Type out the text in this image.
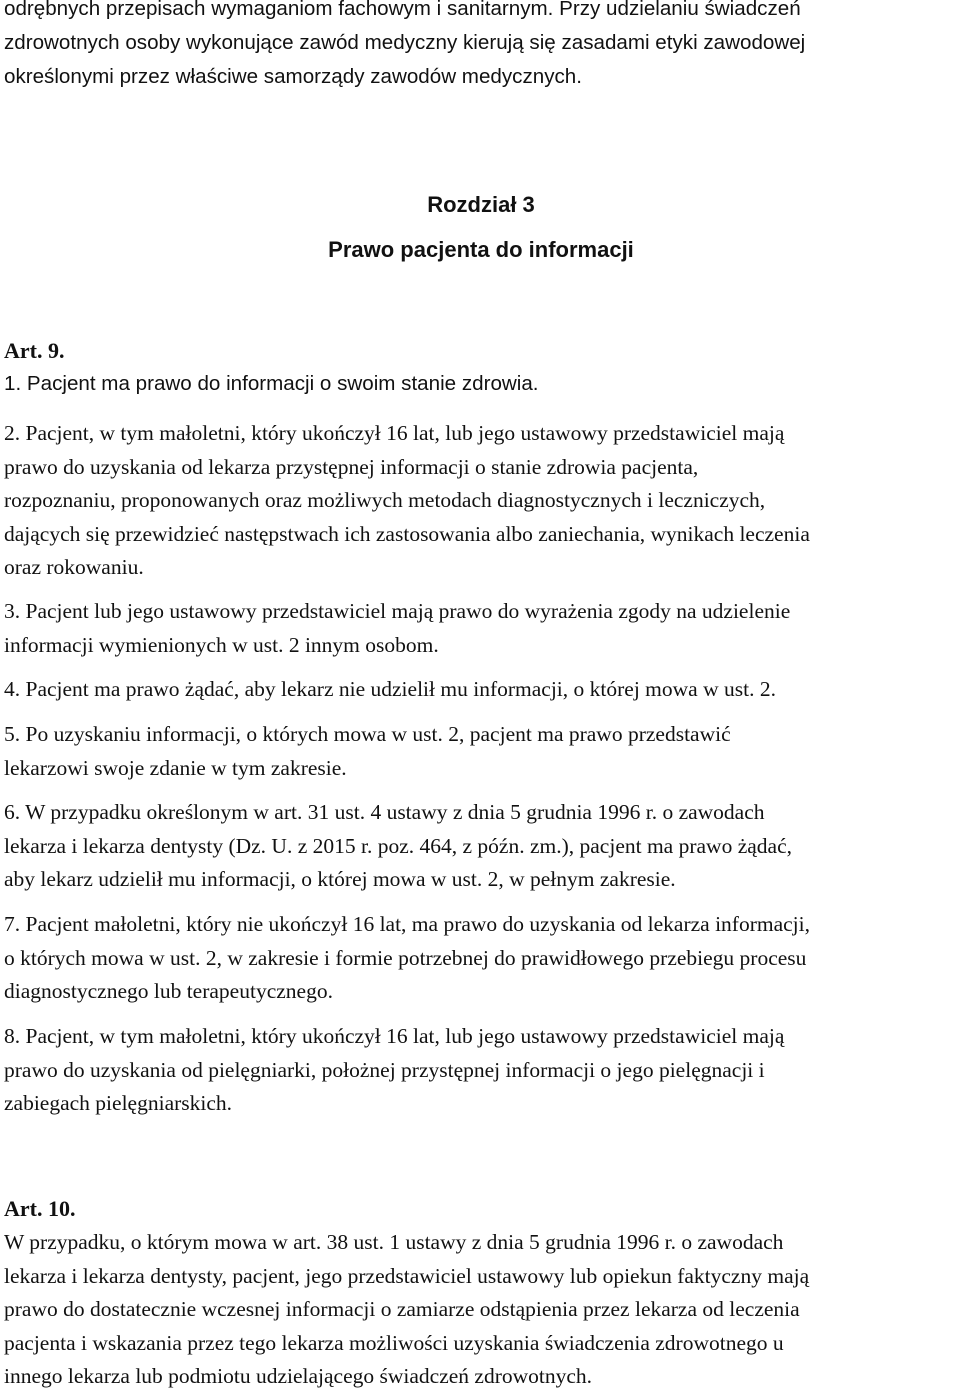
odrębnych przepisach wymaganiom fachowym i sanitarnym. Przy udzielaniu świadczeń
zdrowotnych osoby wykonujące zawód medyczny kierują się zasadami etyki zawodowej
określonymi przez właściwe samorządy zawodów medycznych.
Rozdział 3
Prawo pacjenta do informacji
Art. 9.

1. Pacjent ma prawo do informacji o swoim stanie zdrowia.

2. Pacjent, w tym małoletni, który ukończył 16 lat, lub jego ustawowy przedstawiciel mają
prawo do uzyskania od lekarza przystępnej informacji o stanie zdrowia pacjenta,
rozpoznaniu, proponowanych oraz możliwych metodach diagnostycznych i leczniczych,
dających się przewidzieć następstwach ich zastosowania albo zaniechania, wynikach leczenia
oraz rokowaniu.

3. Pacjent lub jego ustawowy przedstawiciel mają prawo do wyrażenia zgody na udzielenie
informacji wymienionych w ust. 2 innym osobom.

4. Pacjent ma prawo żądać, aby lekarz nie udzielił mu informacji, o której mowa w ust. 2.

5. Po uzyskaniu informacji, o których mowa w ust. 2, pacjent ma prawo przedstawić
lekarzowi swoje zdanie w tym zakresie.

6. W przypadku określonym w art. 31 ust. 4 ustawy z dnia 5 grudnia 1996 r. o zawodach
lekarza i lekarza dentysty (Dz. U. z 2015 r. poz. 464, z późn. zm.), pacjent ma prawo żądać,
aby lekarz udzielił mu informacji, o której mowa w ust. 2, w pełnym zakresie.

7. Pacjent małoletni, który nie ukończył 16 lat, ma prawo do uzyskania od lekarza informacji,
o których mowa w ust. 2, w zakresie i formie potrzebnej do prawidłowego przebiegu procesu
diagnostycznego lub terapeutycznego.

8. Pacjent, w tym małoletni, który ukończył 16 lat, lub jego ustawowy przedstawiciel mają
prawo do uzyskania od pielęgniarki, położnej przystępnej informacji o jego pielęgnacji i
zabiegach pielęgniarskich.

Art. 10.

W przypadku, o którym mowa w art. 38 ust. 1 ustawy z dnia 5 grudnia 1996 r. o zawodach
lekarza i lekarza dentysty, pacjent, jego przedstawiciel ustawowy lub opiekun faktyczny mają
prawo do dostatecznie wczesnej informacji o zamiarze odstąpienia przez lekarza od leczenia
pacjenta i wskazania przez tego lekarza możliwości uzyskania świadczenia zdrowotnego u
innego lekarza lub podmiotu udzielającego świadczeń zdrowotnych.
